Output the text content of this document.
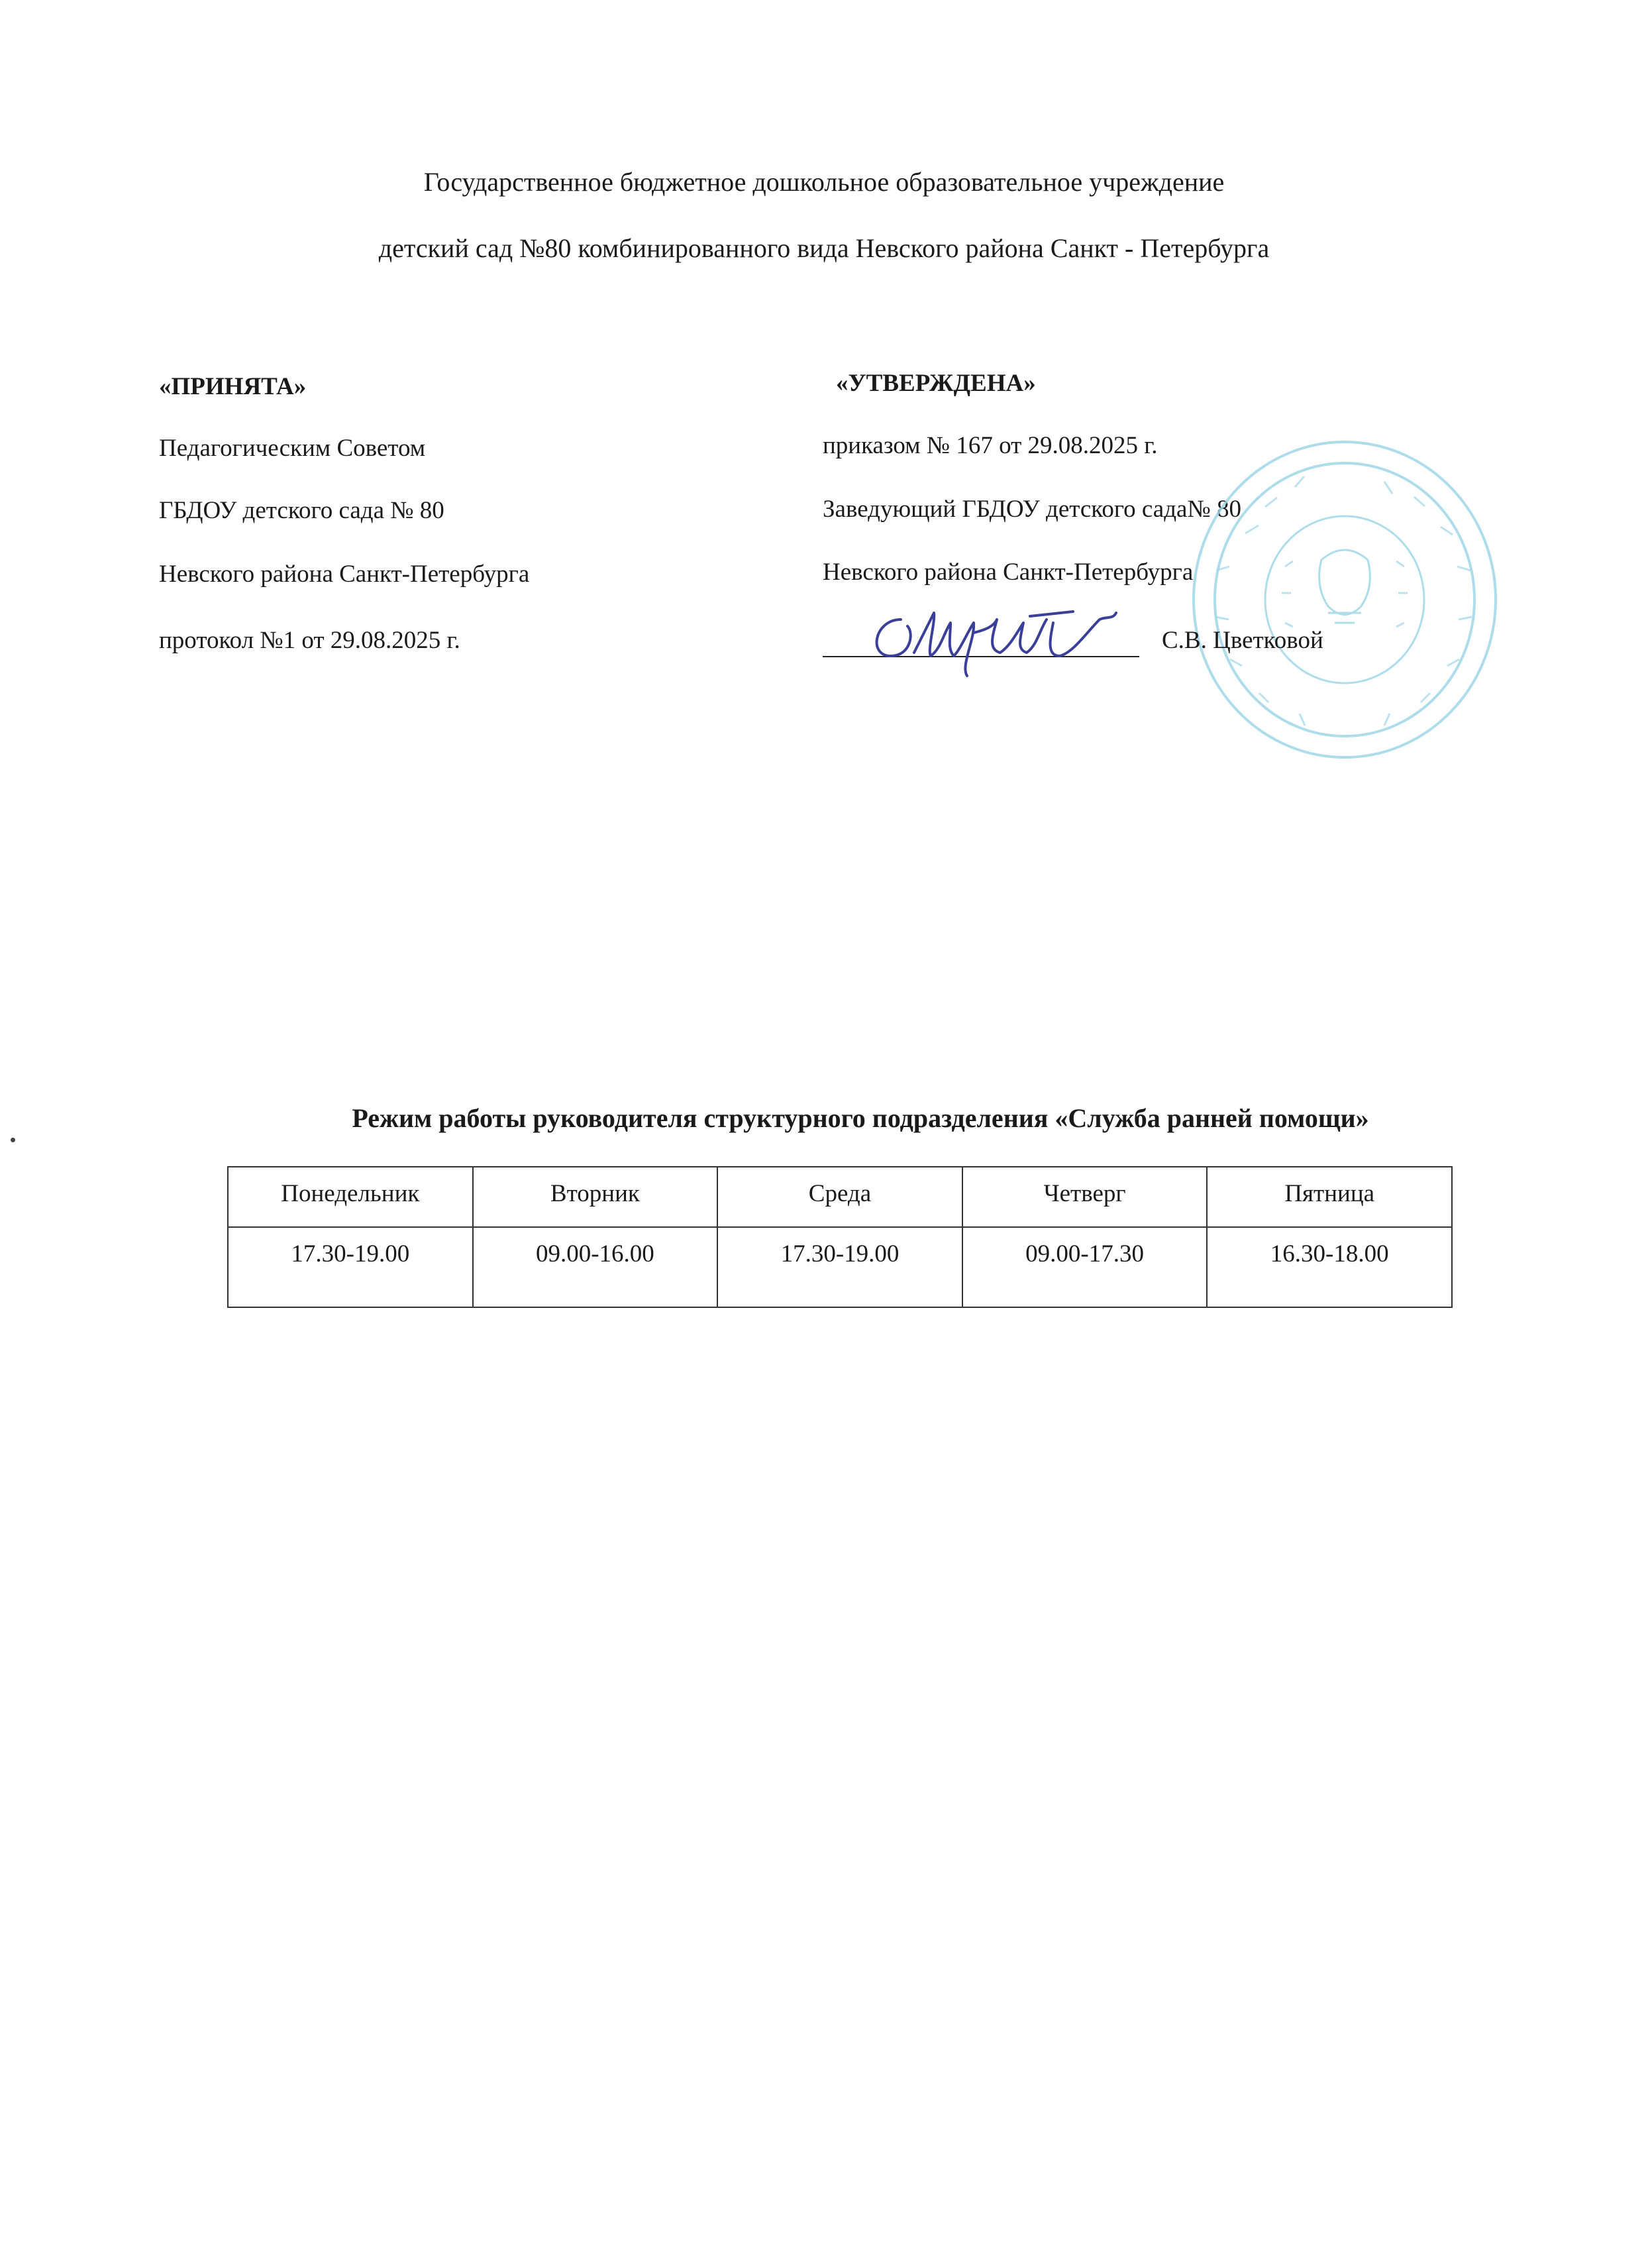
Государственное бюджетное дошкольное образовательное учреждение
детский сад №80 комбинированного вида Невского района Санкт - Петербурга
«ПРИНЯТА»
Педагогическим Советом
ГБДОУ детского сада № 80
Невского района Санкт-Петербурга
протокол №1 от 29.08.2025 г.
«УТВЕРЖДЕНА»
приказом № 167 от 29.08.2025 г.
Заведующий ГБДОУ детского сада№ 80
Невского района Санкт-Петербурга
С.В. Цветковой
Режим работы руководителя структурного подразделения «Служба ранней помощи»
Понедельник	Вторник	Среда	Четверг	Пятница
17.30-19.00	09.00-16.00	17.30-19.00	09.00-17.30	16.30-18.00
